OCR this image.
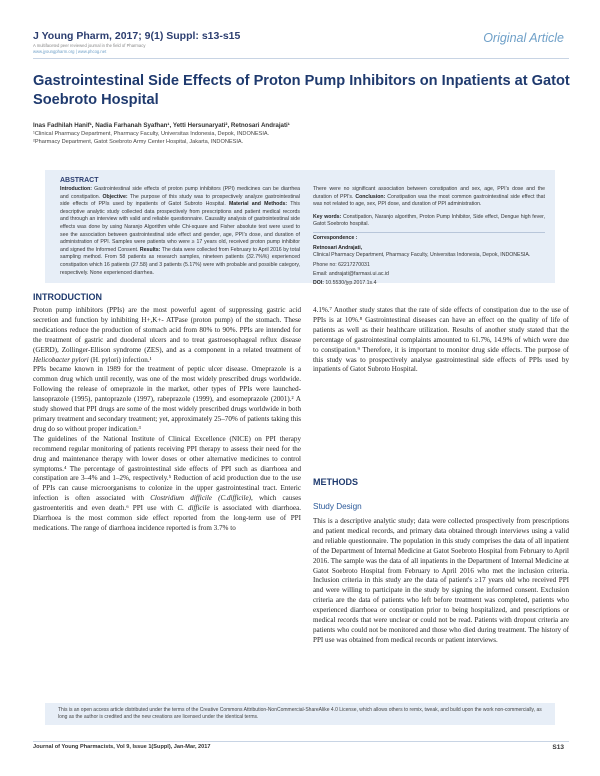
J Young Pharm, 2017; 9(1) Suppl: s13-s15
A multifaceted peer reviewed journal in the field of Pharmacy
www.jyoungpharm.org | www.phcog.net
Original Article
Gastrointestinal Side Effects of Proton Pump Inhibitors on Inpatients at Gatot Soebroto Hospital
Inas Fadhilah Hanif¹, Nadia Farhanah Syafhan¹, Yetti Hersunaryati², Retnosari Andrajati¹
¹Clinical Pharmacy Department, Pharmacy Faculty, Universitas Indonesia, Depok, INDONESIA.
²Pharmacy Department, Gatot Soebroto Army Center Hospital, Jakarta, INDONESIA.
ABSTRACT
Introduction: Gastrointestinal side effects of proton pump inhibitors (PPI) medicines can be diarrhea and constipation. Objective: The purpose of this study was to prospectively analyze gastrointestinal side effects of PPIs used by inpatients of Gatot Subroto Hospital. Material and Methods: This descriptive analytic study collected data prospectively from prescriptions and patient medical records and through an interview with valid and reliable questionnaire. Causality analysis of gastrointestinal side effects was done by using Naranjo Algorithm while Chi-square and Fisher absolute test were used to see the association between gastrointestinal side effect and gender, age, PPI's dose, and duration of administration of PPI. Samples were patients who were ≥ 17 years old, received proton pump inhibitor and signed the Informed Consent. Results: The data were collected from February to April 2016 by total sampling method. From 58 patients as research samples, nineteen patients (32.7%%) experienced constipation which 16 patients (27.58) and 3 patients (5.17%) were with probable and possible category, respectively. None experienced diarrhea.
There were no significant association between constipation and sex, age, PPI's dose and the duration of PPI's. Conclusion: Constipation was the most common gastrointestinal side effect that was not related to age, sex, PPI dose, and duration of PPI administration.
Key words: Constipation, Naranjo algorithm, Proton Pump Inhibitor, Side effect, Dengue high fever, Gatot Soebroto hospital.
Correspondence :
Retnosari Andrajati,
Clinical Pharmacy Department, Pharmacy Faculty, Universitas Indonesia, Depok, INDONESIA.
Phone no: 62217270031
Email: andrajati@farmasi.ui.ac.id
DOI: 10.5530/jyp.2017.1s.4
INTRODUCTION

Proton pump inhibitors (PPIs) are the most powerful agent of suppressing gastric acid secretion and function by inhibiting H+,K+- ATPase (proton pump) of the stomach. These medications reduce the production of stomach acid from 80% to 90%. PPIs are intended for the treatment of gastric and duodenal ulcers and to treat gastroesophageal reflux disease (GERD), Zollinger-Ellison syndrome (ZES), and as a component in a related treatment of Helicobacter pylori (H. pylori) infection.¹

PPIs became known in 1989 for the treatment of peptic ulcer disease. Omeprazole is a common drug which until recently, was one of the most widely prescribed drugs worldwide. Following the release of omeprazole in the market, other types of PPIs were launched-lansoprazole (1995), pantoprazole (1997), rabeprazole (1999), and esomeprazole (2001).² A study showed that PPI drugs are some of the most widely prescribed drugs worldwide in both primary treatment and secondary treatment; yet, approximately 25–70% of patients taking this drug do so without proper indication.³

The guidelines of the National Institute of Clinical Excellence (NICE) on PPI therapy recommend regular monitoring of patients receiving PPI therapy to assess their need for the drug and maintenance therapy with lower doses or other alternative medicines to control symptoms.⁴ The percentage of gastrointestinal side effects of PPI such as diarrhoea and constipation are 3–4% and 1–2%, respectively.⁵ Reduction of acid production due to the use of PPIs can cause microorganisms to colonize in the upper gastrointestinal tract. Enteric infection is often associated with Clostridium difficile (C.difficile), which causes gastroenteritis and even death.⁶ PPI use with C. difficile is associated with diarrhoea. Diarrhoea is the most common side effect reported from the long-term use of PPI medications. The range of diarrhoea incidence reported is from 3.7% to

4.1%.⁷ Another study states that the rate of side effects of constipation due to the use of PPIs is at 10%.⁸ Gastrointestinal diseases can have an effect on the quality of life of patients as well as their healthcare utilization. Results of another study stated that the percentage of gastrointestinal complaints amounted to 61.7%, 14.9% of which were due to constipation.⁹ Therefore, it is important to monitor drug side effects. The purpose of this study was to prospectively analyse gastrointestinal side effects of PPIs used by inpatients of Gatot Subroto Hospital.
METHODS
Study Design
This is a descriptive analytic study; data were collected prospectively from prescriptions and patient medical records, and primary data obtained through interviews using a valid and reliable questionnaire. The population in this study comprises the data of all inpatient of the Department of Internal Medicine at Gatot Soebroto Hospital from February to April 2016. The sample was the data of all inpatients in the Department of Internal Medicine at Gatot Soebroto Hospital from February to April 2016 who met the inclusion criteria. Inclusion criteria in this study are the data of patient's ≥17 years old who received PPI and were willing to participate in the study by signing the informed consent. Exclusion criteria are the data of patients who left before treatment was completed, patients who experienced diarrhoea or constipation prior to being hospitalized, and prescriptions or medical records that were unclear or could not be read. Patients with dropout criteria are patients who could not be monitored and those who died during treatment. The history of PPI use was obtained from medical records or patient interviews.
This is an open access article distributed under the terms of the Creative Commons Attribution-NonCommercial-ShareAlike 4.0 License, which allows others to remix, tweak, and build upon the work non-commercially, as long as the author is credited and the new creations are licensed under the identical terms.
Journal of Young Pharmacists, Vol 9, Issue 1(Suppl), Jan-Mar, 2017	S13
